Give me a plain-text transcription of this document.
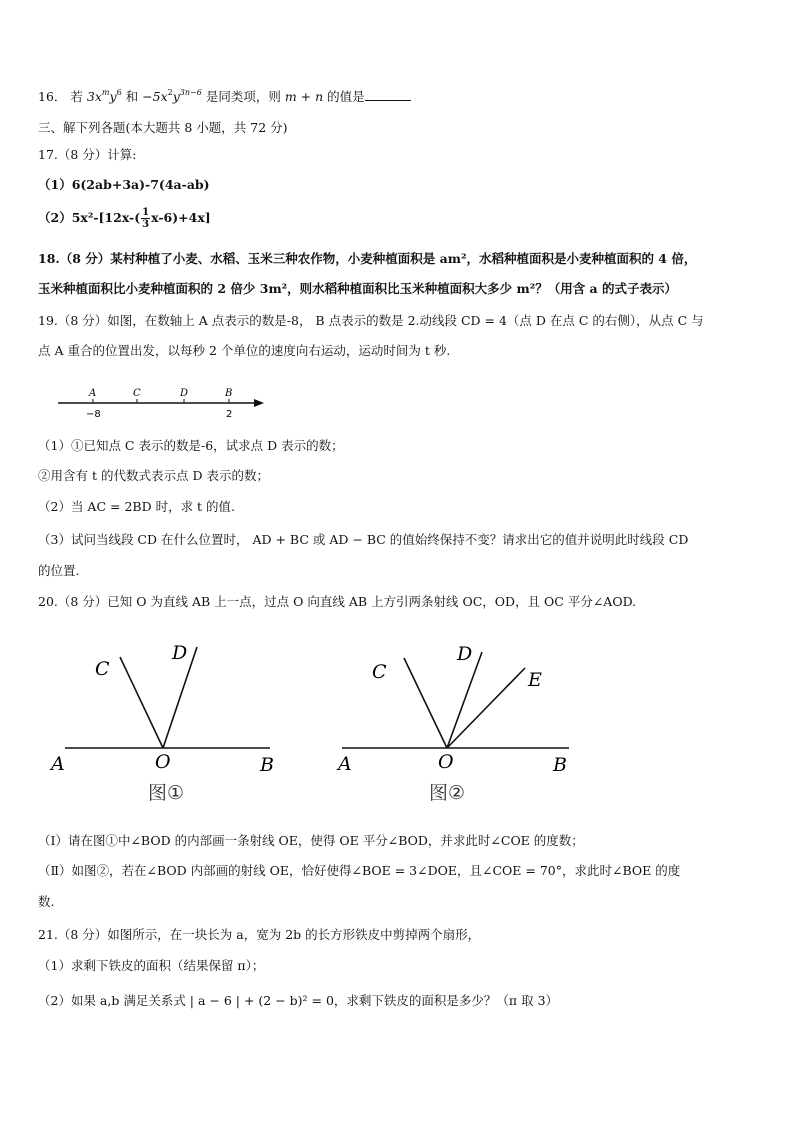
16． 若 $3x^my^6$ 和 $-5x^2y^{3n-6}$ 是同类项，则 m + n 的值是
三、解下列各题(本大题共 8 小题，共 72 分)
17.（8 分）计算:
（1）6(2ab+3a)-7(4a-ab)
$(2)5x^2-[12x-( \frac{1}{3} x-6)+4x]$
18.（8 分）某村种植了小麦、水稻、玉米三种农作物，小麦种植面积是 am²，水稻种植面积是小麦种植面积的 4 倍，
玉米种植面积比小麦种植面积的 2 倍少 3m²，则水稻种植面积比玉米种植面积大多少 m²？（用含 a 的式子表示）
19.（8 分）如图，在数轴上 A 点表示的数是-8， B 点表示的数是 2.动线段 CD = 4（点 D 在点 C 的右侧），从点 C 与
点 A 重合的位置出发，以每秒 2 个单位的速度向右运动，运动时间为 t 秒.
A	C	D	B
−8	2
（1）①已知点 C 表示的数是-6，试求点 D 表示的数；
②用含有 t 的代数式表示点 D 表示的数；
（2）当 AC = 2BD 时，求 t 的值.
（3）试问当线段 CD 在什么位置时， AD + BC 或 AD − BC 的值始终保持不变？请求出它的值并说明此时线段 CD
的位置.
20.（8 分）已知 O 为直线 AB 上一点，过点 O 向直线 AB 上方引两条射线 OC，OD，且 OC 平分∠AOD.
C
D
A	O	B
图①
C
D
E
A	O	B
图②
（Ⅰ）请在图①中∠BOD 的内部画一条射线 OE，使得 OE 平分∠BOD，并求此时∠COE 的度数；
（Ⅱ）如图②，若在∠BOD 内部画的射线 OE，恰好使得∠BOE = 3∠DOE，且∠COE = 70°，求此时∠BOE 的度
数.
21.（8 分）如图所示，在一块长为 a，宽为 2b 的长方形铁皮中剪掉两个扇形，
（1）求剩下铁皮的面积（结果保留 π）；
（2）如果 a,b 满足关系式 | a − 6 | + (2 − b)² = 0，求剩下铁皮的面积是多少？（π 取 3）
